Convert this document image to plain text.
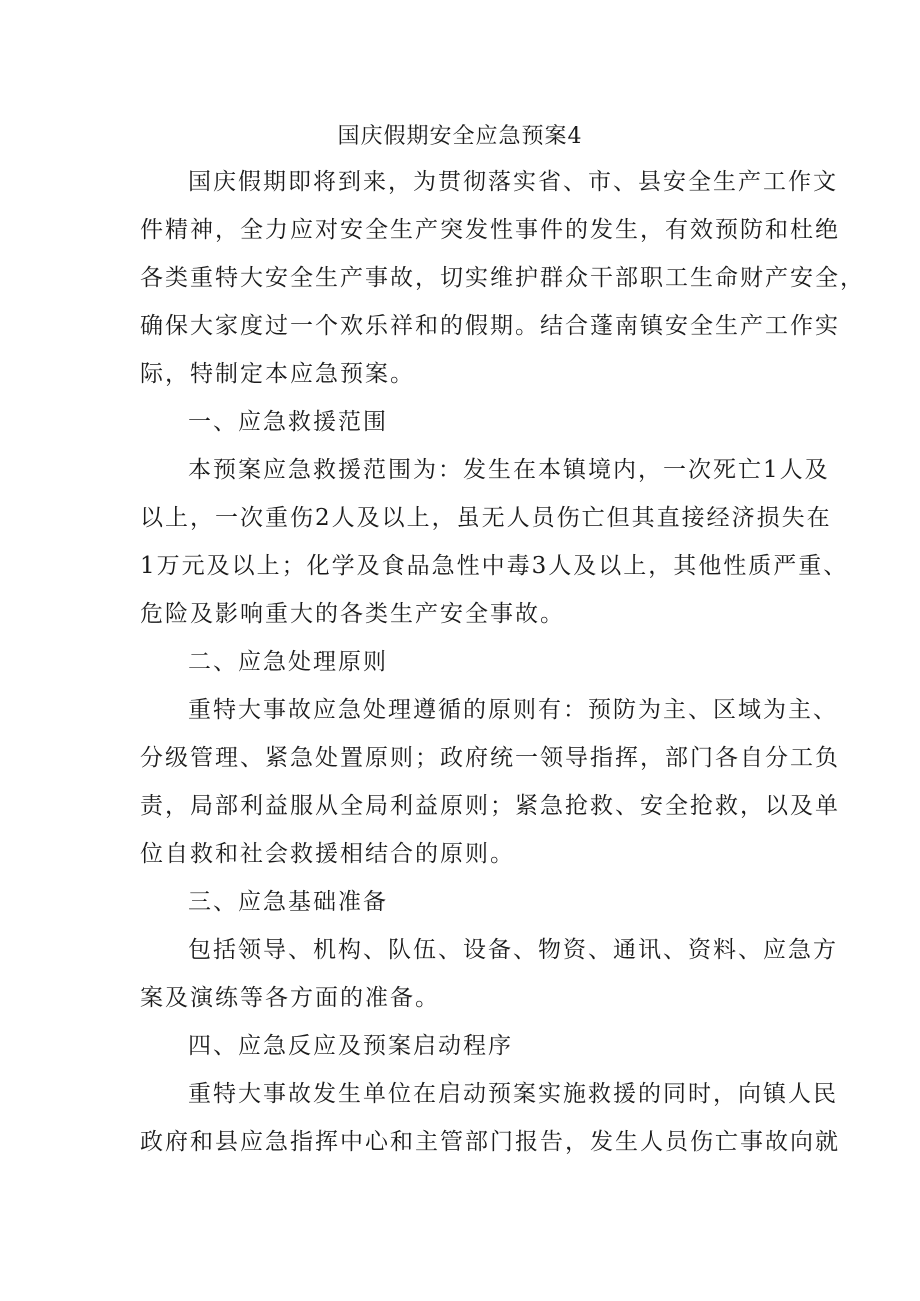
国庆假期安全应急预案4
国庆假期即将到来，为贯彻落实省、市、县安全生产工作文
件精神，全力应对安全生产突发性事件的发生，有效预防和杜绝
各类重特大安全生产事故，切实维护群众干部职工生命财产安全，
确保大家度过一个欢乐祥和的假期。结合蓬南镇安全生产工作实
际，特制定本应急预案。
一、应急救援范围
本预案应急救援范围为：发生在本镇境内，一次死亡1人及
以上，一次重伤2人及以上，虽无人员伤亡但其直接经济损失在
1万元及以上；化学及食品急性中毒3人及以上，其他性质严重、
危险及影响重大的各类生产安全事故。
二、应急处理原则
重特大事故应急处理遵循的原则有：预防为主、区域为主、
分级管理、紧急处置原则；政府统一领导指挥，部门各自分工负
责，局部利益服从全局利益原则；紧急抢救、安全抢救，以及单
位自救和社会救援相结合的原则。
三、应急基础准备
包括领导、机构、队伍、设备、物资、通讯、资料、应急方
案及演练等各方面的准备。
四、应急反应及预案启动程序
重特大事故发生单位在启动预案实施救援的同时，向镇人民
政府和县应急指挥中心和主管部门报告，发生人员伤亡事故向就
